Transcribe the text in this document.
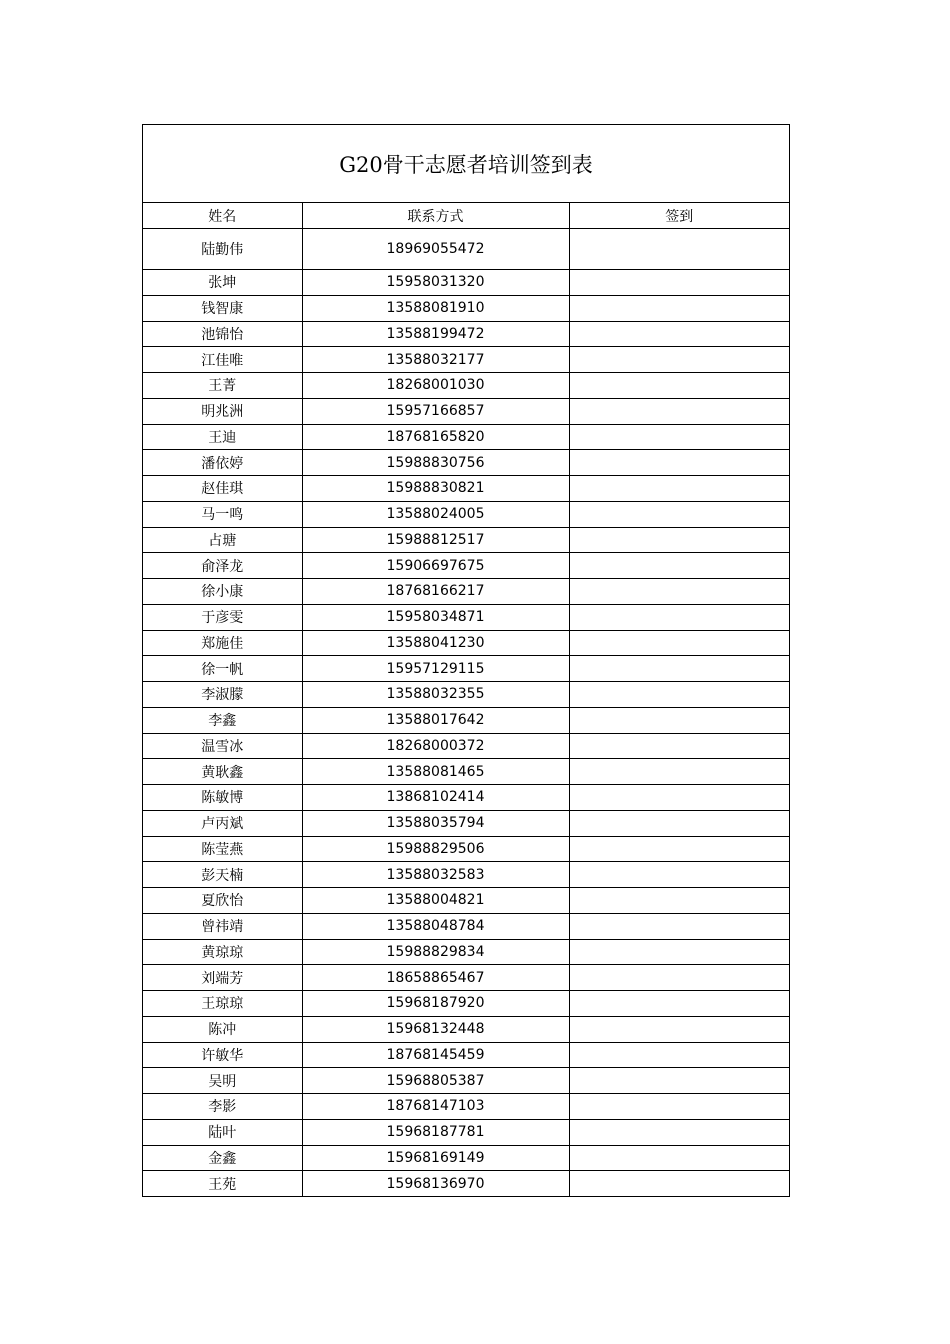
G20骨干志愿者培训签到表
姓名	联系方式	签到
陆勤伟	18969055472	
张坤	15958031320	
钱智康	13588081910	
池锦怡	13588199472	
江佳唯	13588032177	
王菁	18268001030	
明兆洲	15957166857	
王迪	18768165820	
潘依婷	15988830756	
赵佳琪	15988830821	
马一鸣	13588024005	
占瑭	15988812517	
俞泽龙	15906697675	
徐小康	18768166217	
于彦雯	15958034871	
郑施佳	13588041230	
徐一帆	15957129115	
李淑朦	13588032355	
李鑫	13588017642	
温雪冰	18268000372	
黄耿鑫	13588081465	
陈敏博	13868102414	
卢丙斌	13588035794	
陈莹燕	15988829506	
彭天楠	13588032583	
夏欣怡	13588004821	
曾祎靖	13588048784	
黄琼琼	15988829834	
刘端芳	18658865467	
王琼琼	15968187920	
陈冲	15968132448	
许敏华	18768145459	
吴明	15968805387	
李影	18768147103	
陆叶	15968187781	
金鑫	15968169149	
王苑	15968136970	
